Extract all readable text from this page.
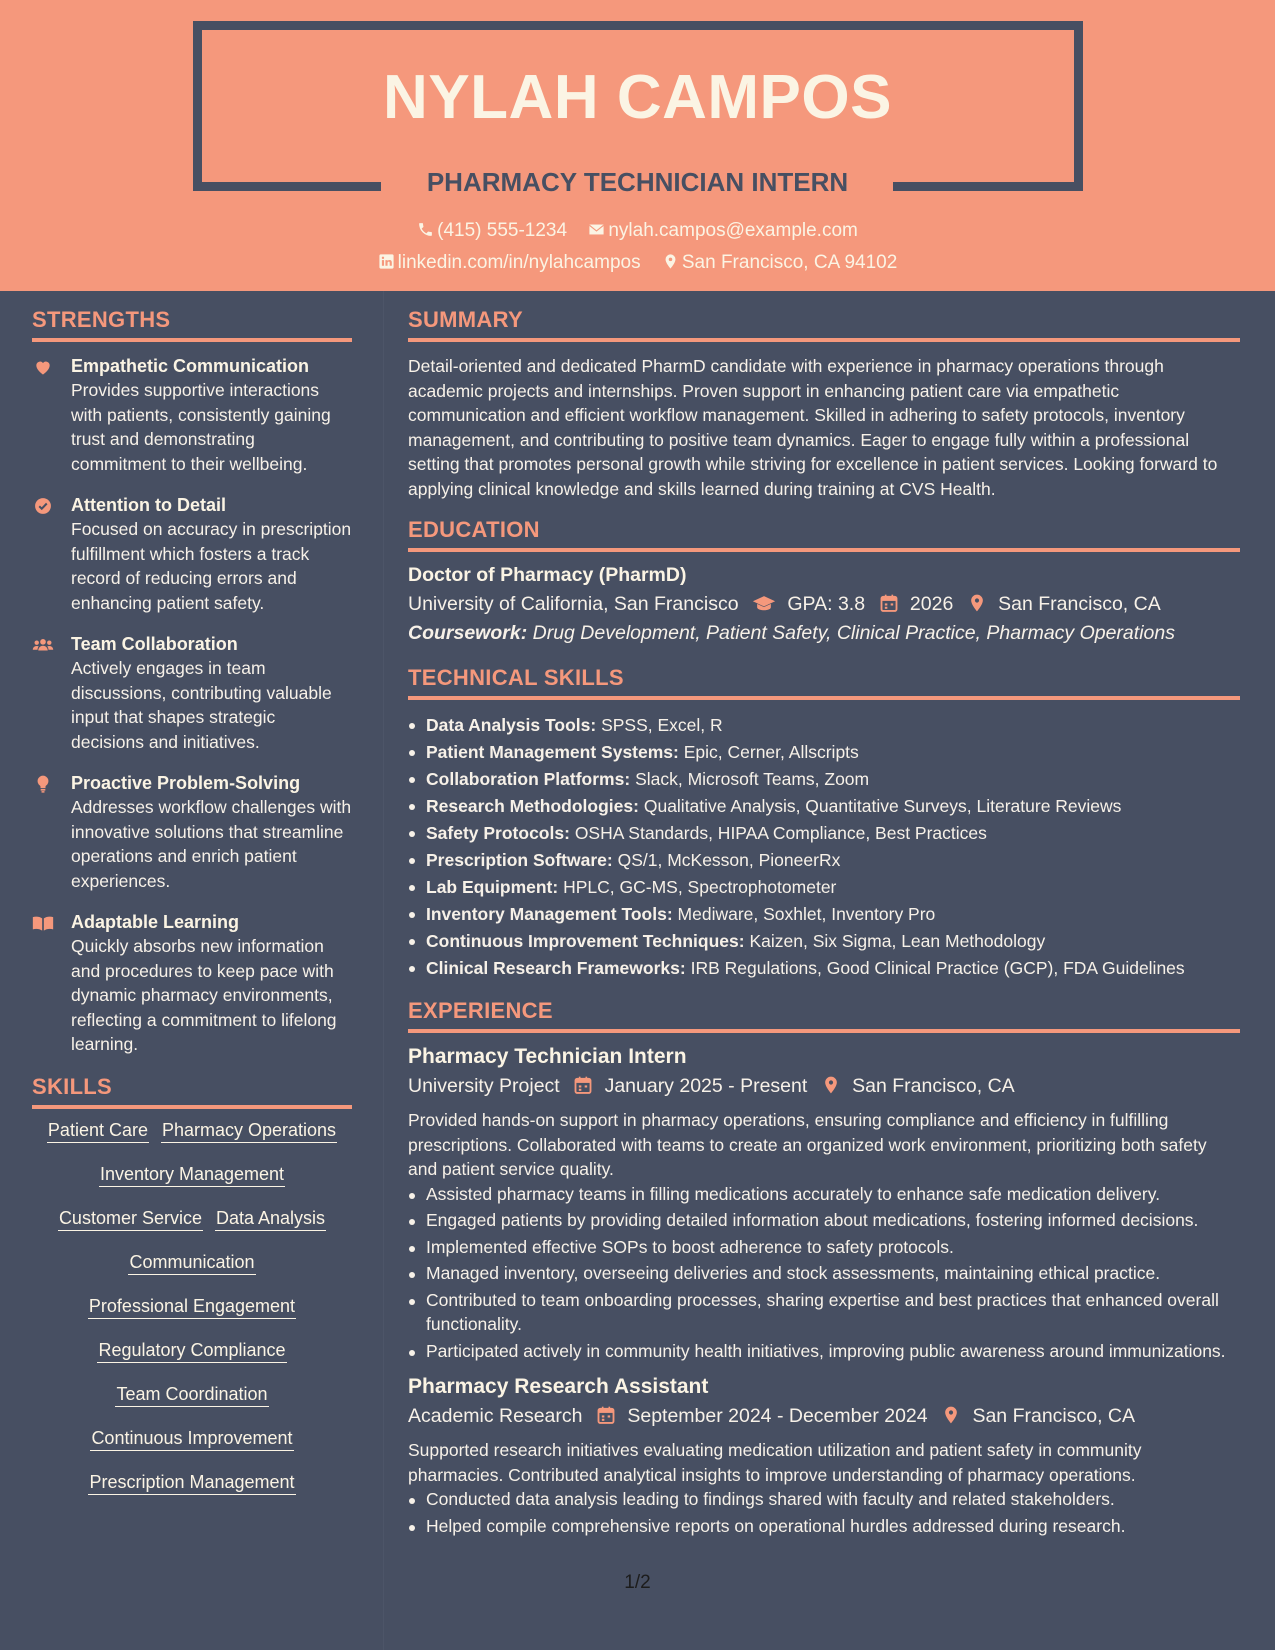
NYLAH CAMPOS
PHARMACY TECHNICIAN INTERN
(415) 555-1234 nylah.campos@example.com
linkedin.com/in/nylahcampos San Francisco, CA 94102
STRENGTHS
Empathetic Communication
Provides supportive interactions with patients, consistently gaining trust and demonstrating commitment to their wellbeing.
Attention to Detail
Focused on accuracy in prescription fulfillment which fosters a track record of reducing errors and enhancing patient safety.
Team Collaboration
Actively engages in team discussions, contributing valuable input that shapes strategic decisions and initiatives.
Proactive Problem-Solving
Addresses workflow challenges with innovative solutions that streamline operations and enrich patient experiences.
Adaptable Learning
Quickly absorbs new information and procedures to keep pace with dynamic pharmacy environments, reflecting a commitment to lifelong learning.
SKILLS
Patient Care Pharmacy Operations
Inventory Management
Customer Service Data Analysis
Communication
Professional Engagement
Regulatory Compliance
Team Coordination
Continuous Improvement
Prescription Management
SUMMARY
Detail-oriented and dedicated PharmD candidate with experience in pharmacy operations through academic projects and internships. Proven support in enhancing patient care via empathetic communication and efficient workflow management. Skilled in adhering to safety protocols, inventory management, and contributing to positive team dynamics. Eager to engage fully within a professional setting that promotes personal growth while striving for excellence in patient services. Looking forward to applying clinical knowledge and skills learned during training at CVS Health.
EDUCATION
Doctor of Pharmacy (PharmD)
University of California, San Francisco	GPA: 3.8 2026 San Francisco, CA
Coursework: Drug Development, Patient Safety, Clinical Practice, Pharmacy Operations
TECHNICAL SKILLS
Data Analysis Tools: SPSS, Excel, R
Patient Management Systems: Epic, Cerner, Allscripts
Collaboration Platforms: Slack, Microsoft Teams, Zoom
Research Methodologies: Qualitative Analysis, Quantitative Surveys, Literature Reviews
Safety Protocols: OSHA Standards, HIPAA Compliance, Best Practices
Prescription Software: QS/1, McKesson, PioneerRx
Lab Equipment: HPLC, GC-MS, Spectrophotometer
Inventory Management Tools: Mediware, Soxhlet, Inventory Pro
Continuous Improvement Techniques: Kaizen, Six Sigma, Lean Methodology
Clinical Research Frameworks: IRB Regulations, Good Clinical Practice (GCP), FDA Guidelines
EXPERIENCE
Pharmacy Technician Intern
University Project January 2025 - Present San Francisco, CA
Provided hands-on support in pharmacy operations, ensuring compliance and efficiency in fulfilling prescriptions. Collaborated with teams to create an organized work environment, prioritizing both safety and patient service quality.
Assisted pharmacy teams in filling medications accurately to enhance safe medication delivery.
Engaged patients by providing detailed information about medications, fostering informed decisions.
Implemented effective SOPs to boost adherence to safety protocols.
Managed inventory, overseeing deliveries and stock assessments, maintaining ethical practice.
Contributed to team onboarding processes, sharing expertise and best practices that enhanced overall functionality.
Participated actively in community health initiatives, improving public awareness around immunizations.
Pharmacy Research Assistant
Academic Research September 2024 - December 2024 San Francisco, CA
Supported research initiatives evaluating medication utilization and patient safety in community pharmacies. Contributed analytical insights to improve understanding of pharmacy operations.
Conducted data analysis leading to findings shared with faculty and related stakeholders.
Helped compile comprehensive reports on operational hurdles addressed during research.
1/2
